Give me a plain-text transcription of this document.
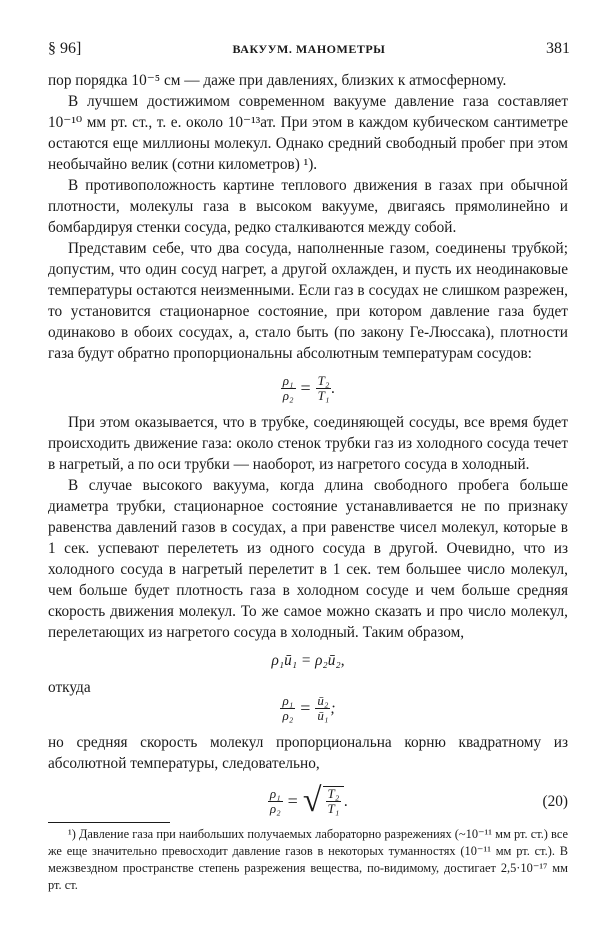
§ 96]	ВАКУУМ. МАНОМЕТРЫ	381

пор порядка 10⁻⁵ см — даже при давлениях, близких к атмосферному.

В лучшем достижимом современном вакууме давление газа составляет 10⁻¹⁰ мм рт. ст., т. е. около 10⁻¹³ат. При этом в каждом кубическом сантиметре остаются еще миллионы молекул. Однако средний свободный пробег при этом необычайно велик (сотни километров) ¹).

В противоположность картине теплового движения в газах при обычной плотности, молекулы газа в высоком вакууме, двигаясь прямолинейно и бомбардируя стенки сосуда, редко сталкиваются между собой.

Представим себе, что два сосуда, наполненные газом, соединены трубкой; допустим, что один сосуд нагрет, а другой охлажден, и пусть их неодинаковые температуры остаются неизменными. Если газ в сосудах не слишком разрежен, то установится стационарное состояние, при котором давление газа будет одинаково в обоих сосудах, а, стало быть (по закону Ге-Люссака), плотности газа будут обратно пропорциональны абсолютным температурам сосудов:

$\frac{\text{ρ₁}}{\text{ρ₂}} = \frac{\text{T₂}}{\text{T₁}}$ .

При этом оказывается, что в трубке, соединяющей сосуды, все время будет происходить движение газа: около стенок трубки газ из холодного сосуда течет в нагретый, а по оси трубки — наоборот, из нагретого сосуда в холодный.

В случае высокого вакуума, когда длина свободного пробега больше диаметра трубки, стационарное состояние устанавливается не по признаку равенства давлений газов в сосудах, а при равенстве чисел молекул, которые в 1 сек. успевают перелететь из одного сосуда в другой. Очевидно, что из холодного сосуда в нагретый перелетит в 1 сек. тем большее число молекул, чем больше будет плотность газа в холодном сосуде и чем больше средняя скорость движения молекул. То же самое можно сказать и про число молекул, перелетающих из нагретого сосуда в холодный. Таким образом,

ρ₁ū₁ = ρ₂ū₂,

откуда

$\frac{\text{ρ₁}}{\text{ρ₂}} = \frac{\text{ū₂}}{\text{ū₁}}$ ;

но средняя скорость молекул пропорциональна корню квадратному из абсолютной температуры, следовательно,

$\frac{\text{ρ₁}}{\text{ρ₂}}$ = √ $\frac{\text{T₂}}{\text{T₁}}$ .	(20)
¹) Давление газа при наибольших получаемых лабораторно разрежениях (~10⁻¹¹ мм рт. ст.) все же еще значительно превосходит давление газов в некоторых туманностях (10⁻¹¹ мм рт. ст.). В межзвездном пространстве степень разрежения вещества, по-видимому, достигает 2,5·10⁻¹⁷ мм рт. ст.
